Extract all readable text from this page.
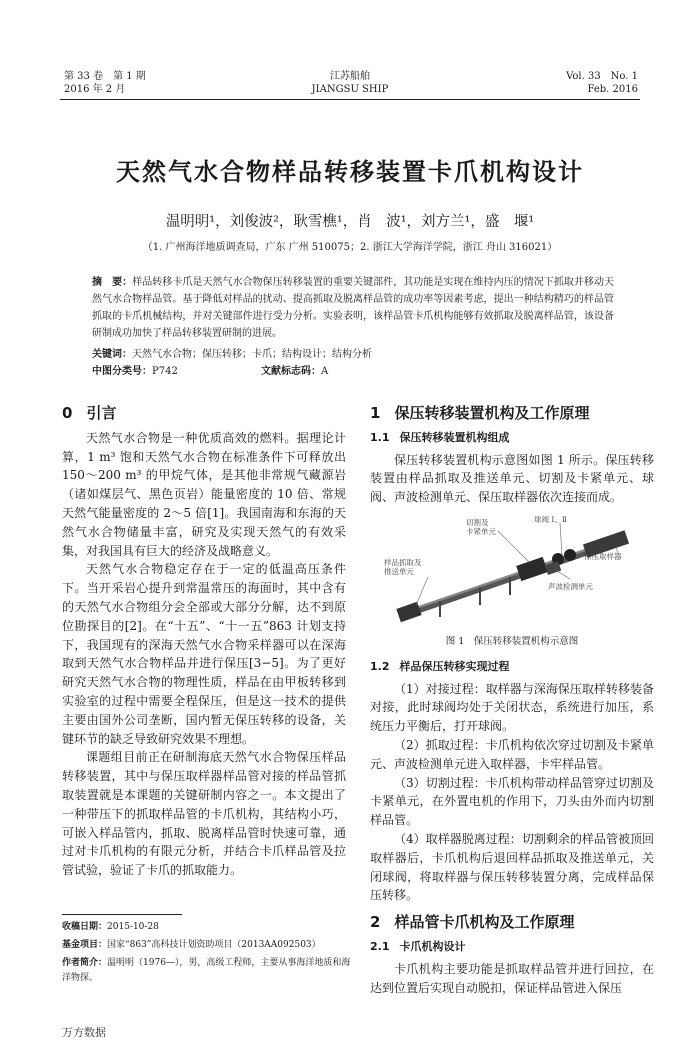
第 33 卷　第 1 期
2016 年 2 月
江苏船舶
JIANGSU SHIP
Vol. 33　No. 1
Feb. 2016
天然气水合物样品转移装置卡爪机构设计
温明明¹，刘俊波²，耿雪樵¹，肖　波¹，刘方兰¹，盛　堰¹
（1. 广州海洋地质调查局，广东 广州 510075；2. 浙江大学海洋学院，浙江 舟山 316021）
摘　要：样品转移卡爪是天然气水合物保压转移装置的重要关键部件，其功能是实现在维持内压的情况下抓取并移动天然气水合物样品管。基于降低对样品的扰动、提高抓取及脱离样品管的成功率等因素考虑，提出一种结构精巧的样品管抓取的卡爪机械结构，并对关键部件进行受力分析。实验表明，该样品管卡爪机构能够有效抓取及脱离样品管，该设备研制成功加快了样品转移装置研制的进展。
关键词：天然气水合物；保压转移；卡爪；结构设计；结构分析
中图分类号：P742	文献标志码：A
0 引言

天然气水合物是一种优质高效的燃料。据理论计算，1 m³ 饱和天然气水合物在标准条件下可释放出 150～200 m³ 的甲烷气体，是其他非常规气藏源岩（诸如煤层气、黑色页岩）能量密度的 10 倍、常规天然气能量密度的 2～5 倍[1]。我国南海和东海的天然气水合物储量丰富，研究及实现天然气的有效采集，对我国具有巨大的经济及战略意义。

天然气水合物稳定存在于一定的低温高压条件下。当开采岩心提升到常温常压的海面时，其中含有的天然气水合物组分会全部或大部分分解，达不到原位勘探目的[2]。在“十五”、“十一五”863 计划支持下，我国现有的深海天然气水合物采样器可以在深海取到天然气水合物样品并进行保压[3−5]。为了更好研究天然气水合物的物理性质，样品在由甲板转移到实验室的过程中需要全程保压，但是这一技术的提供主要由国外公司垄断，国内暂无保压转移的设备，关键环节的缺乏导致研究效果不理想。

课题组目前正在研制海底天然气水合物保压样品转移装置，其中与保压取样器样品管对接的样品管抓取装置就是本课题的关键研制内容之一。本文提出了一种带压下的抓取样品管的卡爪机构，其结构小巧，可嵌入样品管内，抓取、脱离样品管时快速可靠，通过对卡爪机构的有限元分析，并结合卡爪样品管及拉管试验，验证了卡爪的抓取能力。

收稿日期：2015-10-28
基金项目：国家“863”高科技计划资助项目（2013AA092503）
作者简介：温明明（1976—），男，高级工程师，主要从事海洋地质和海洋物探。
1 保压转移装置机构及工作原理
1.1 保压转移装置机构组成

保压转移装置机构示意图如图 1 所示。保压转移装置由样品抓取及推送单元、切割及卡紧单元、球阀、声波检测单元、保压取样器依次连接而成。

切割及
卡紧单元
球阀 Ⅰ、Ⅱ
保压取样器
样品抓取及
推送单元
声波检测单元
图 1　保压转移装置机构示意图
1.2 样品保压转移实现过程

（1）对接过程：取样器与深海保压取样转移装备对接，此时球阀均处于关闭状态，系统进行加压，系统压力平衡后，打开球阀。

（2）抓取过程：卡爪机构依次穿过切割及卡紧单元、声波检测单元进入取样器，卡牢样品管。

（3）切割过程：卡爪机构带动样品管穿过切割及卡紧单元，在外置电机的作用下，刀头由外而内切割样品管。

（4）取样器脱离过程：切割剩余的样品管被顶回取样器后，卡爪机构后退回样品抓取及推送单元，关闭球阀，将取样器与保压转移装置分离，完成样品保压转移。

2 样品管卡爪机构及工作原理
2.1 卡爪机构设计

卡爪机构主要功能是抓取样品管并进行回拉，在达到位置后实现自动脱扣，保证样品管进入保压

万方数据
